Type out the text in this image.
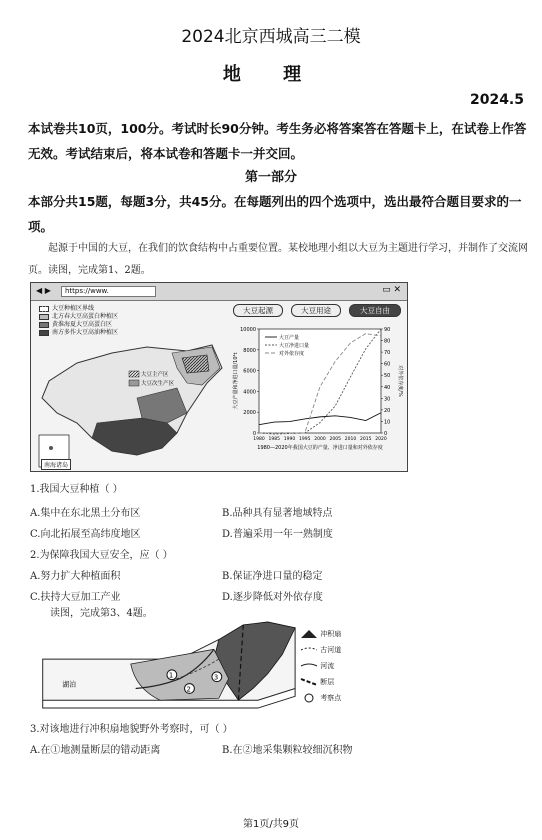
2024北京西城高三二模
地 理
2024.5
本试卷共10页，100分。考试时长90分钟。考生务必将答案答在答题卡上，在试卷上作答无效。考试结束后，将本试卷和答题卡一并交回。
第一部分
本部分共15题，每题3分，共45分。在每题列出的四个选项中，选出最符合题目要求的一项。
起源于中国的大豆，在我们的饮食结构中占重要位置。某校地理小组以大豆为主题进行学习，并制作了交流网页。读图，完成第1、2题。
◀ ▶	https://www.	▭ ✕
大豆起源	大豆用途	大豆自由
大豆种植区界线
北方春大豆高蛋白种植区
黄淮海夏大豆高蛋白区
南方多作大豆高油种植区
大豆主产区
大豆次生产区
南海诸岛
0
2000
4000
6000
8000
10000
0
10
20
30
40
50
60
70
80
90
1980 1985 1990 1995 2000 2005 2010 2015 2020
大豆产量和净进口量/10⁴t	对外依存度/%
大豆产量
大豆净进口量
对外依存度
1980—2020年我国大豆的产量、净进口量和对外依存度
1.我国大豆种植（ ）
A.集中在东北黑土分布区	B.品种具有显著地域特点
C.向北拓展至高纬度地区	D.普遍采用一年一熟制度
2.为保障我国大豆安全，应（ ）
A.努力扩大种植面积	B.保证净进口量的稳定
C.扶持大豆加工产业	D.逐步降低对外依存度
读图，完成第3、4题。
1
2
3
湖泊

冲积扇

古河道

河流

断层

考察点
3.对该地进行冲积扇地貌野外考察时，可（ ）
A.在①地测量断层的错动距离	B.在②地采集颗粒较细沉积物
第1页/共9页
